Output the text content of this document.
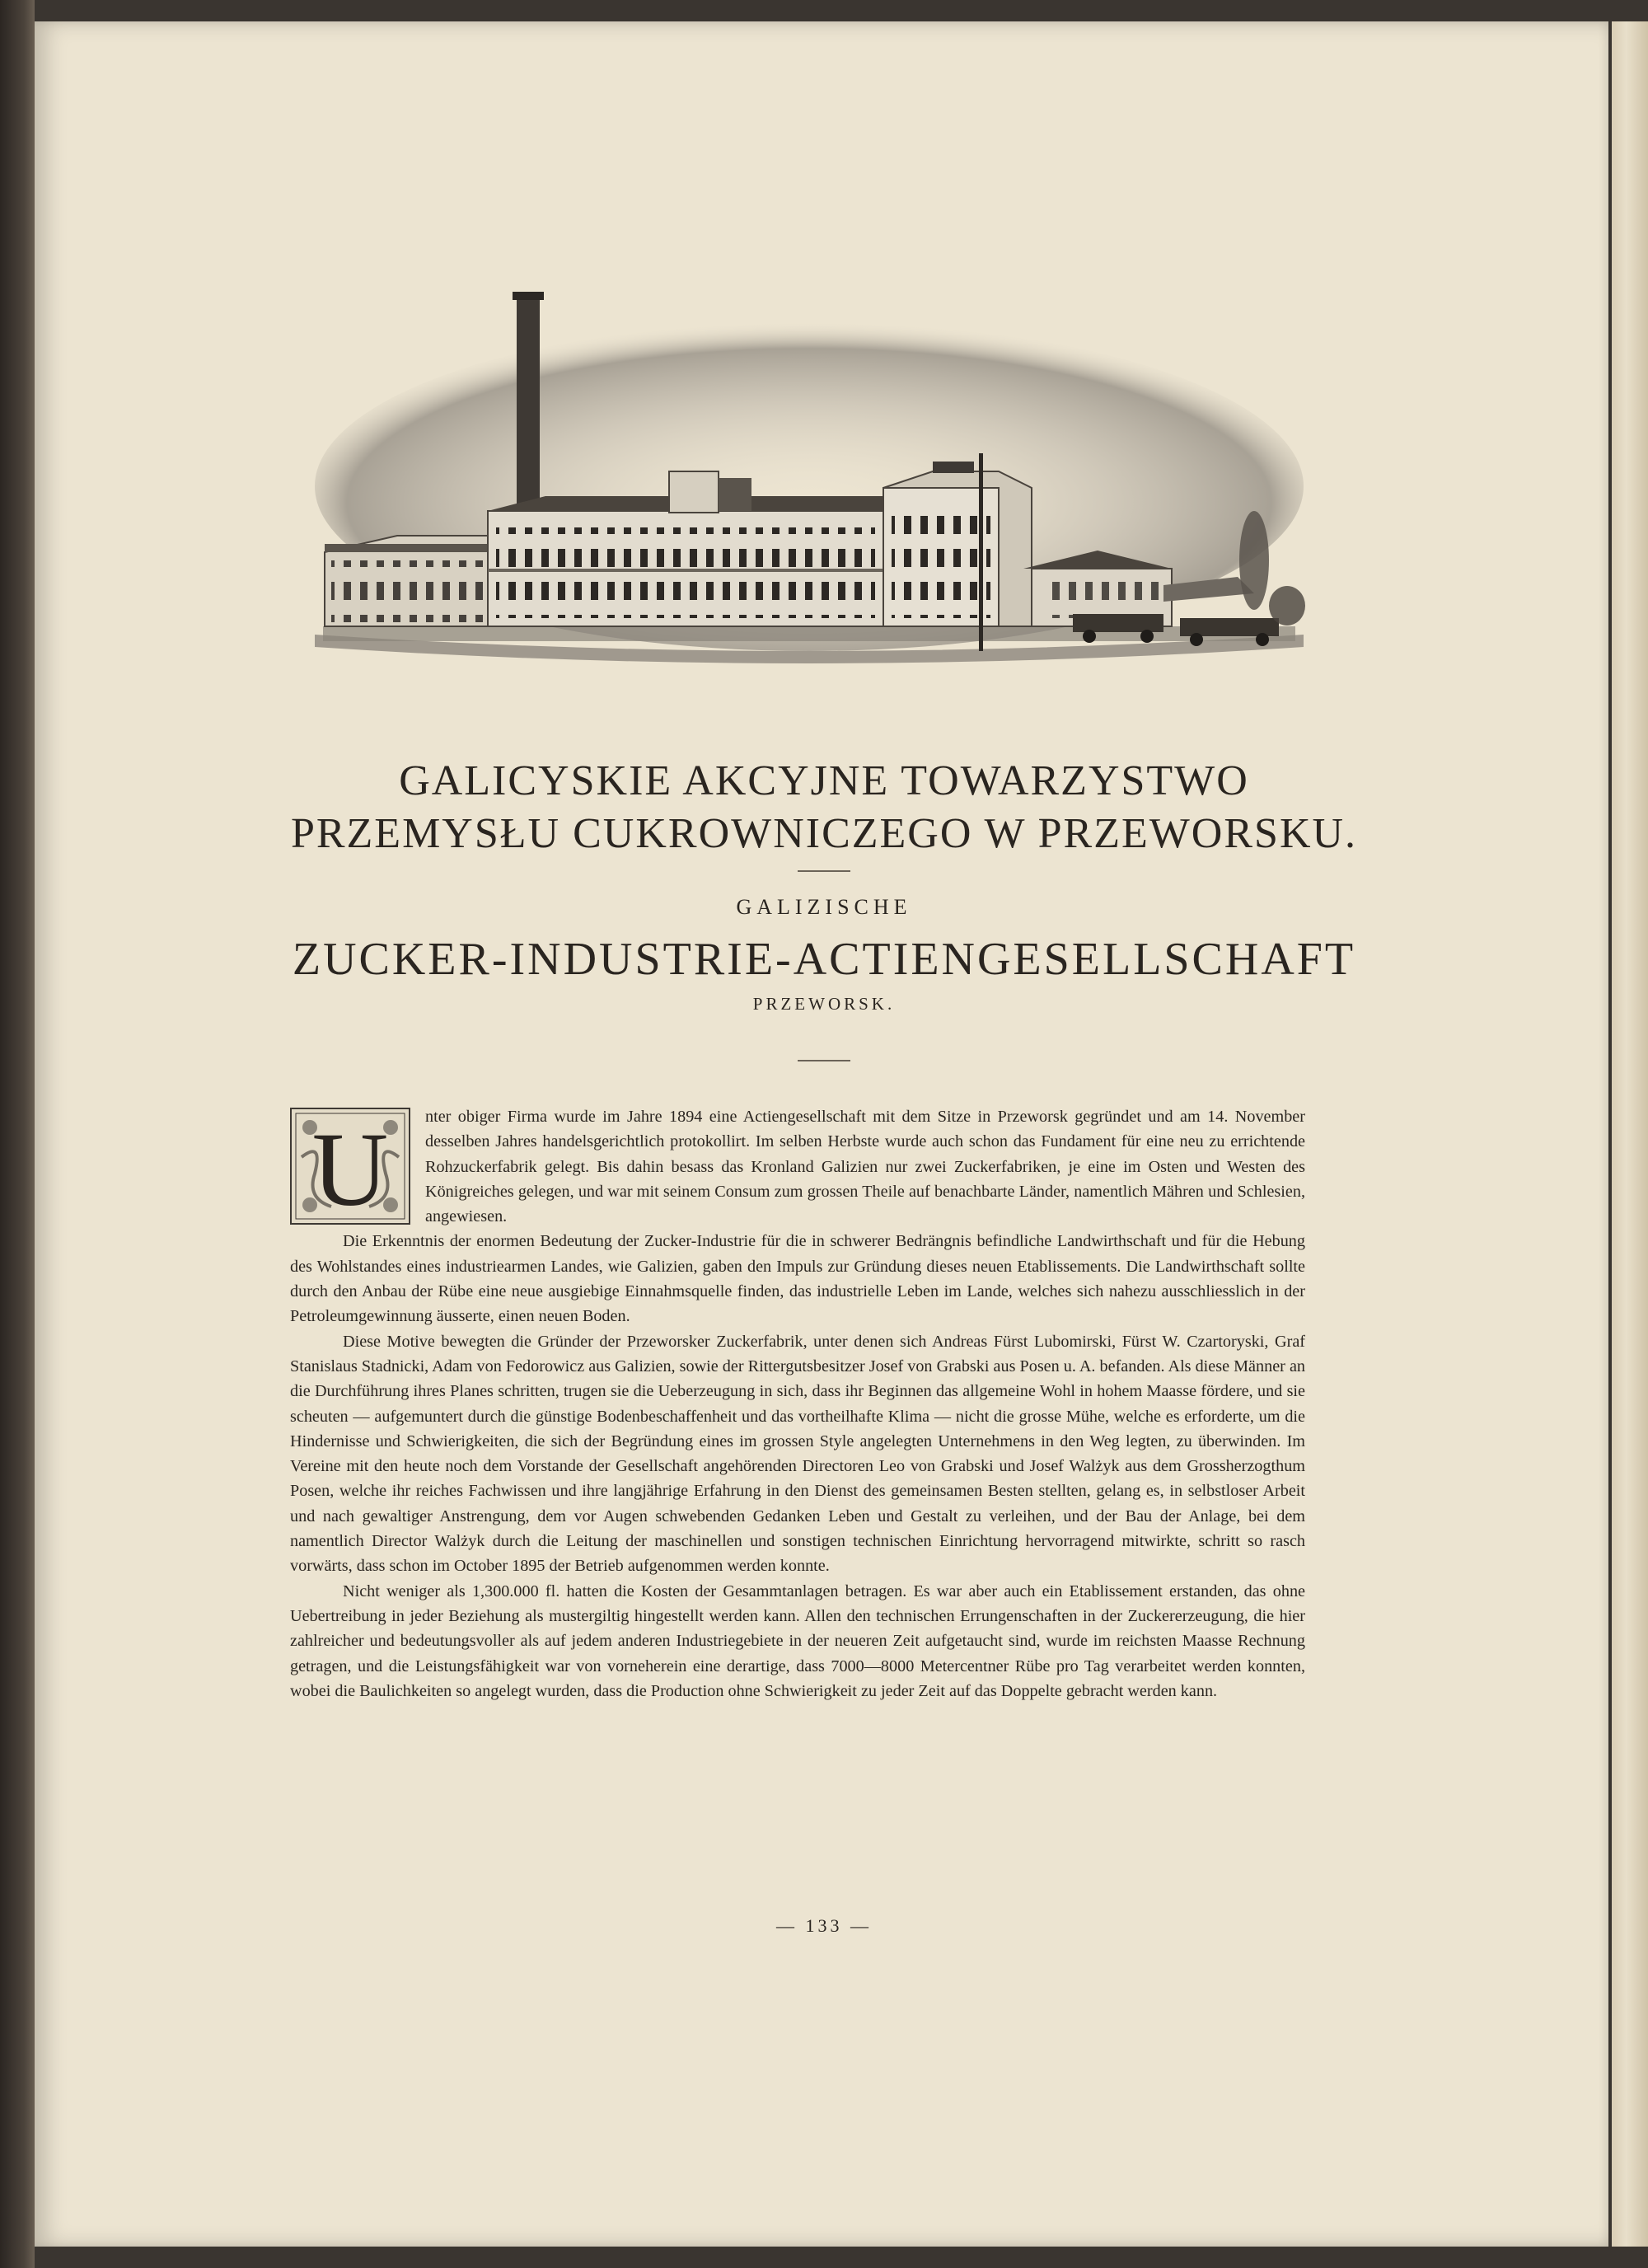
GALICYSKIE AKCYJNE TOWARZYSTWO
PRZEMYSŁU CUKROWNICZEGO W PRZEWORSKU.
GALIZISCHE
ZUCKER-INDUSTRIE-ACTIENGESELLSCHAFT
PRZEWORSK.

U nter obiger Firma wurde im Jahre 1894 eine Actiengesellschaft mit dem Sitze in Przeworsk gegründet und am 14. November desselben Jahres handelsgerichtlich protokollirt. Im selben Herbste wurde auch schon das Fundament für eine neu zu errichtende Rohzuckerfabrik gelegt. Bis dahin besass das Kronland Galizien nur zwei Zuckerfabriken, je eine im Osten und Westen des Königreiches gelegen, und war mit seinem Consum zum grossen Theile auf benachbarte Länder, namentlich Mähren und Schlesien, angewiesen.

Die Erkenntnis der enormen Bedeutung der Zucker-Industrie für die in schwerer Bedrängnis befindliche Landwirthschaft und für die Hebung des Wohlstandes eines industriearmen Landes, wie Galizien, gaben den Impuls zur Gründung dieses neuen Etablissements. Die Landwirthschaft sollte durch den Anbau der Rübe eine neue ausgiebige Einnahmsquelle finden, das industrielle Leben im Lande, welches sich nahezu ausschliesslich in der Petroleumgewinnung äusserte, einen neuen Boden.

Diese Motive bewegten die Gründer der Przeworsker Zuckerfabrik, unter denen sich Andreas Fürst Lubomirski, Fürst W. Czartoryski, Graf Stanislaus Stadnicki, Adam von Fedorowicz aus Galizien, sowie der Rittergutsbesitzer Josef von Grabski aus Posen u. A. befanden. Als diese Männer an die Durchführung ihres Planes schritten, trugen sie die Ueberzeugung in sich, dass ihr Beginnen das allgemeine Wohl in hohem Maasse fördere, und sie scheuten — aufgemuntert durch die günstige Bodenbeschaffenheit und das vortheilhafte Klima — nicht die grosse Mühe, welche es erforderte, um die Hindernisse und Schwierigkeiten, die sich der Begründung eines im grossen Style angelegten Unternehmens in den Weg legten, zu überwinden. Im Vereine mit den heute noch dem Vorstande der Gesellschaft angehörenden Directoren Leo von Grabski und Josef Walżyk aus dem Grossherzogthum Posen, welche ihr reiches Fachwissen und ihre langjährige Erfahrung in den Dienst des gemeinsamen Besten stellten, gelang es, in selbstloser Arbeit und nach gewaltiger Anstrengung, dem vor Augen schwebenden Gedanken Leben und Gestalt zu verleihen, und der Bau der Anlage, bei dem namentlich Director Walżyk durch die Leitung der maschinellen und sonstigen technischen Einrichtung hervorragend mitwirkte, schritt so rasch vorwärts, dass schon im October 1895 der Betrieb aufgenommen werden konnte.

Nicht weniger als 1,300.000 fl. hatten die Kosten der Gesammtanlagen betragen. Es war aber auch ein Etablissement erstanden, das ohne Uebertreibung in jeder Beziehung als mustergiltig hingestellt werden kann. Allen den technischen Errungenschaften in der Zuckererzeugung, die hier zahlreicher und bedeutungsvoller als auf jedem anderen Industriegebiete in der neueren Zeit aufgetaucht sind, wurde im reichsten Maasse Rechnung getragen, und die Leistungsfähigkeit war von vorneherein eine derartige, dass 7000—8000 Metercentner Rübe pro Tag verarbeitet werden konnten, wobei die Baulichkeiten so angelegt wurden, dass die Production ohne Schwierigkeit zu jeder Zeit auf das Doppelte gebracht werden kann.

— 133 —
